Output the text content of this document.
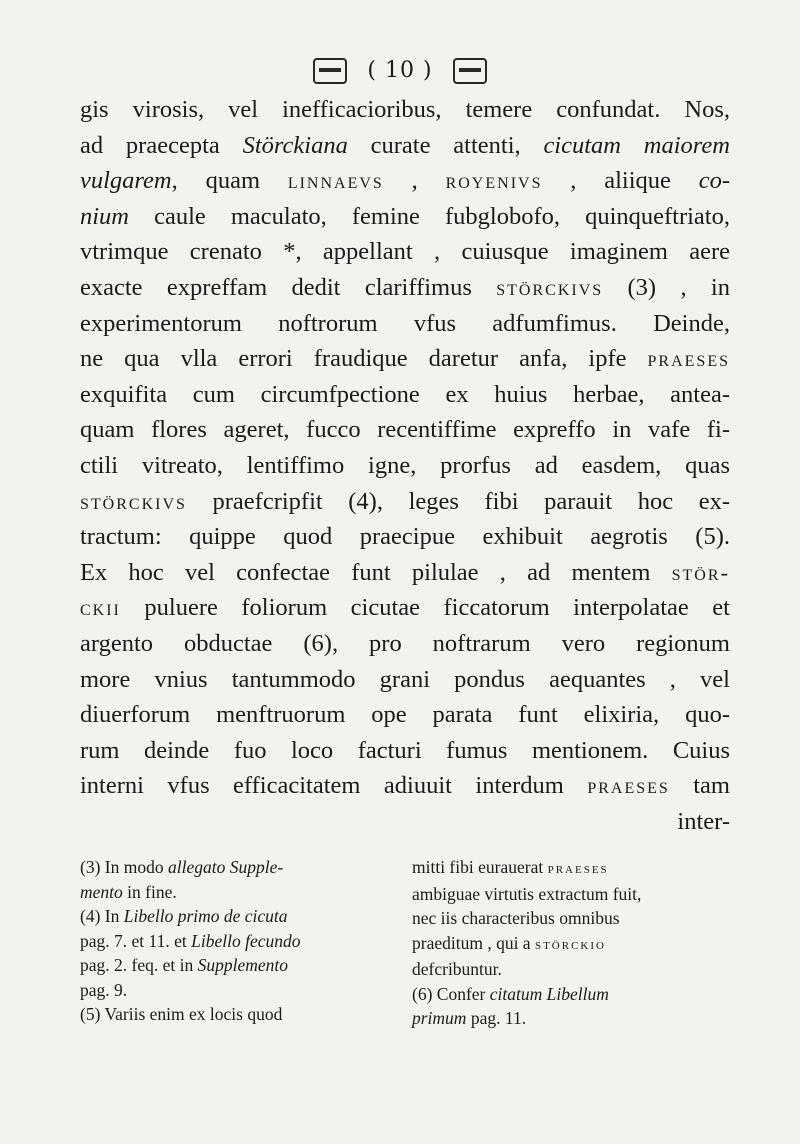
( 10 )
gis virosis, vel inefficacioribus, temere confundat. Nos,
ad praecepta Störckiana curate attenti, cicutam maiorem
vulgarem, quam linnaevs , royenivs , aliique co-
nium caule maculato, femine fubglobofo, quinqueftriato,
vtrimque crenato *, appellant , cuiusque imaginem aere
exacte expreffam dedit clariffimus störckivs (3) , in
experimentorum noftrorum vfus adfumfimus. Deinde,
ne qua vlla errori fraudique daretur anfa, ipfe praeses
exquifita cum circumfpectione ex huius herbae, antea-
quam flores ageret, fucco recentiffime expreffo in vafe fi-
ctili vitreato, lentiffimo igne, prorfus ad easdem, quas
störckivs praefcripfit (4), leges fibi parauit hoc ex-
tractum: quippe quod praecipue exhibuit aegrotis (5).
Ex hoc vel confectae funt pilulae , ad mentem stör-
ckii puluere foliorum cicutae ficcatorum interpolatae et
argento obductae (6), pro noftrarum vero regionum
more vnius tantummodo grani pondus aequantes , vel
diuerforum menftruorum ope parata funt elixiria, quo-
rum deinde fuo loco facturi fumus mentionem. Cuius
interni vfus efficacitatem adiuuit interdum praeses tam
inter-

(3) In modo allegato Supple-
mento in fine.

(4) In Libello primo de cicuta
pag. 7. et 11. et Libello fecundo
pag. 2. feq. et in Supplemento
pag. 9.

(5) Variis enim ex locis quod

mitti fibi eurauerat praeses
ambiguae virtutis extractum fuit,
nec iis characteribus omnibus
praeditum , qui a störckio
defcribuntur.

(6) Confer citatum Libellum
primum pag. 11.
